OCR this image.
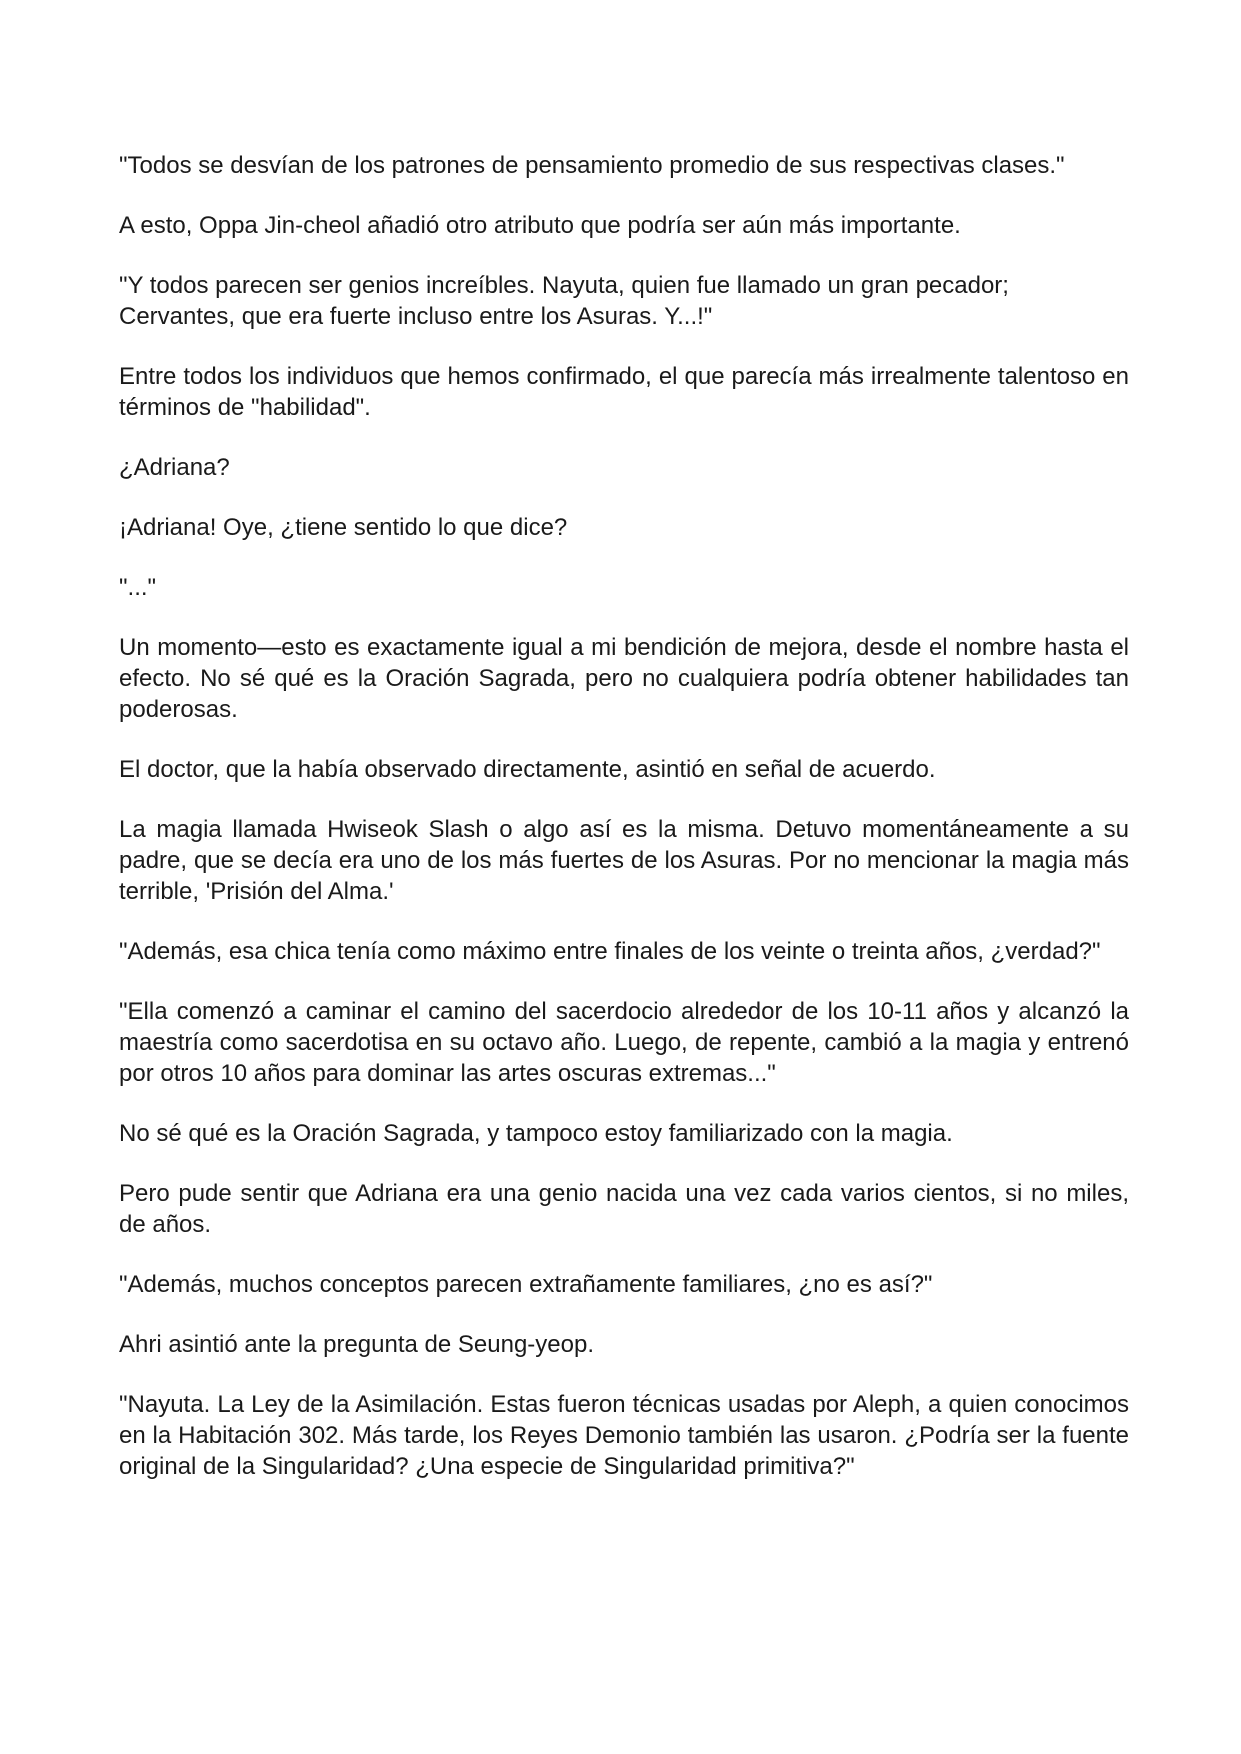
"Todos se desvían de los patrones de pensamiento promedio de sus respectivas clases."

A esto, Oppa Jin-cheol añadió otro atributo que podría ser aún más importante.

"Y todos parecen ser genios increíbles. Nayuta, quien fue llamado un gran pecador; Cervantes, que era fuerte incluso entre los Asuras. Y...!"

Entre todos los individuos que hemos confirmado, el que parecía más irrealmente talentoso en términos de "habilidad".

¿Adriana?

¡Adriana! Oye, ¿tiene sentido lo que dice?

"..."

Un momento—esto es exactamente igual a mi bendición de mejora, desde el nombre hasta el efecto. No sé qué es la Oración Sagrada, pero no cualquiera podría obtener habilidades tan poderosas.

El doctor, que la había observado directamente, asintió en señal de acuerdo.

La magia llamada Hwiseok Slash o algo así es la misma. Detuvo momentáneamente a su padre, que se decía era uno de los más fuertes de los Asuras. Por no mencionar la magia más terrible, 'Prisión del Alma.'

"Además, esa chica tenía como máximo entre finales de los veinte o treinta años, ¿verdad?"

"Ella comenzó a caminar el camino del sacerdocio alrededor de los 10-11 años y alcanzó la maestría como sacerdotisa en su octavo año. Luego, de repente, cambió a la magia y entrenó por otros 10 años para dominar las artes oscuras extremas..."

No sé qué es la Oración Sagrada, y tampoco estoy familiarizado con la magia.

Pero pude sentir que Adriana era una genio nacida una vez cada varios cientos, si no miles, de años.

"Además, muchos conceptos parecen extrañamente familiares, ¿no es así?"

Ahri asintió ante la pregunta de Seung-yeop.

"Nayuta. La Ley de la Asimilación. Estas fueron técnicas usadas por Aleph, a quien conocimos en la Habitación 302. Más tarde, los Reyes Demonio también las usaron. ¿Podría ser la fuente original de la Singularidad? ¿Una especie de Singularidad primitiva?"
